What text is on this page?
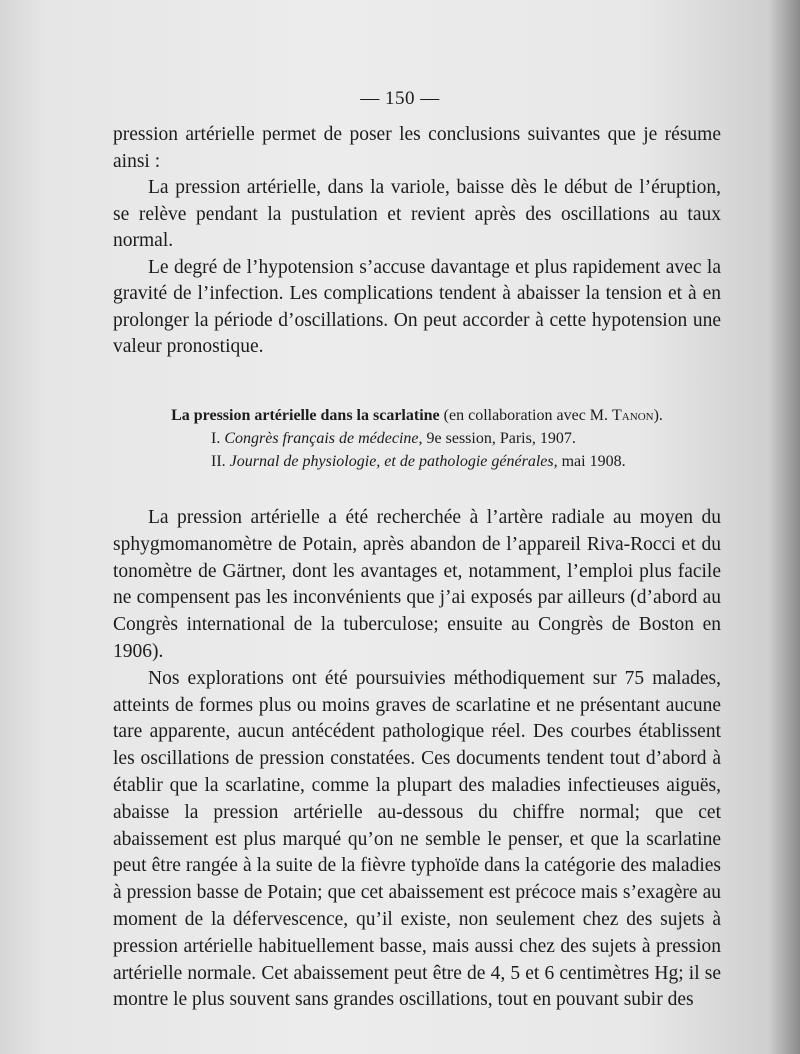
— 150 —

pression artérielle permet de poser les conclusions suivantes que je résume ainsi :

La pression artérielle, dans la variole, baisse dès le début de l’éruption, se relève pendant la pustulation et revient après des oscillations au taux normal.

Le degré de l’hypotension s’accuse davantage et plus rapidement avec la gravité de l’infection. Les complications tendent à abaisser la tension et à en prolonger la période d’oscillations. On peut accorder à cette hypotension une valeur pronostique.

La pression artérielle dans la scarlatine (en collaboration avec M. Tanon).
I. Congrès français de médecine, 9e session, Paris, 1907.
II. Journal de physiologie, et de pathologie générales, mai 1908.

La pression artérielle a été recherchée à l’artère radiale au moyen du sphygmomanomètre de Potain, après abandon de l’appareil Riva-Rocci et du tonomètre de Gärtner, dont les avantages et, notamment, l’emploi plus facile ne compensent pas les inconvénients que j’ai exposés par ailleurs (d’abord au Congrès international de la tuberculose; ensuite au Congrès de Boston en 1906).

Nos explorations ont été poursuivies méthodiquement sur 75 malades, atteints de formes plus ou moins graves de scarlatine et ne présentant aucune tare apparente, aucun antécédent pathologique réel. Des courbes établissent les oscillations de pression constatées. Ces documents tendent tout d’abord à établir que la scarlatine, comme la plupart des maladies infectieuses aiguës, abaisse la pression artérielle au-dessous du chiffre normal; que cet abaissement est plus marqué qu’on ne semble le penser, et que la scarlatine peut être rangée à la suite de la fièvre typhoïde dans la catégorie des maladies à pression basse de Potain; que cet abaissement est précoce mais s’exagère au moment de la défervescence, qu’il existe, non seulement chez des sujets à pression artérielle habituellement basse, mais aussi chez des sujets à pression artérielle normale. Cet abaissement peut être de 4, 5 et 6 centimètres Hg; il se montre le plus souvent sans grandes oscillations, tout en pouvant subir des
